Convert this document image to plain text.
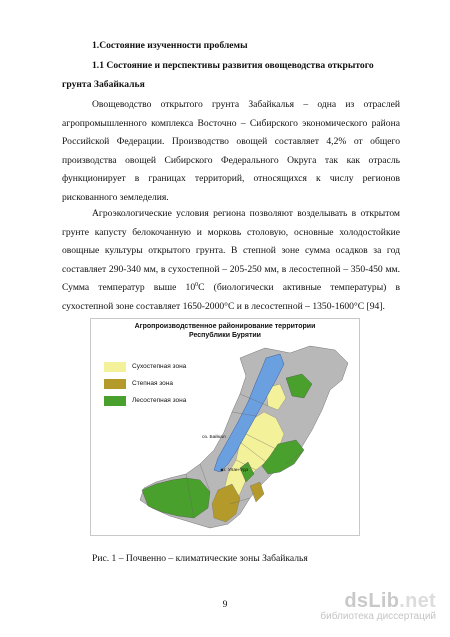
1.Состояние изученности проблемы
1.1 Состояние и перспективы развития овощеводства открытого грунта Забайкалья

Овощеводство открытого грунта Забайкалья – одна из отраслей агропромышленного комплекса Восточно – Сибирского экономического района Российской Федерации. Производство овощей составляет 4,2% от общего производства овощей Сибирского Федерального Округа так как отрасль функционирует в границах территорий, относящихся к числу регионов рискованного земледелия.

Агроэкологические условия региона позволяют возделывать в открытом грунте капусту белокочанную и морковь столовую, основные холодостойкие овощные культуры открытого грунта. В степной зоне сумма осадков за год составляет 290-340 мм, в сухостепной – 205-250 мм, в лесостепной – 350-450 мм. Сумма температур выше $10^0С$ (биологически активные температуры) в сухостепной зоне составляет 1650-2000°С и в лесостепной – 1350-1600°С [94].

Агропроизводственное районирование территории
Республики Бурятии
Сухостепная зона
Степная зона
Лесостепная зона
оз. Байкал
г. Улан-Удэ
Рис. 1 – Почвенно – климатические зоны Забайкалья
9	dsLib.net
библиотека диссертаций
